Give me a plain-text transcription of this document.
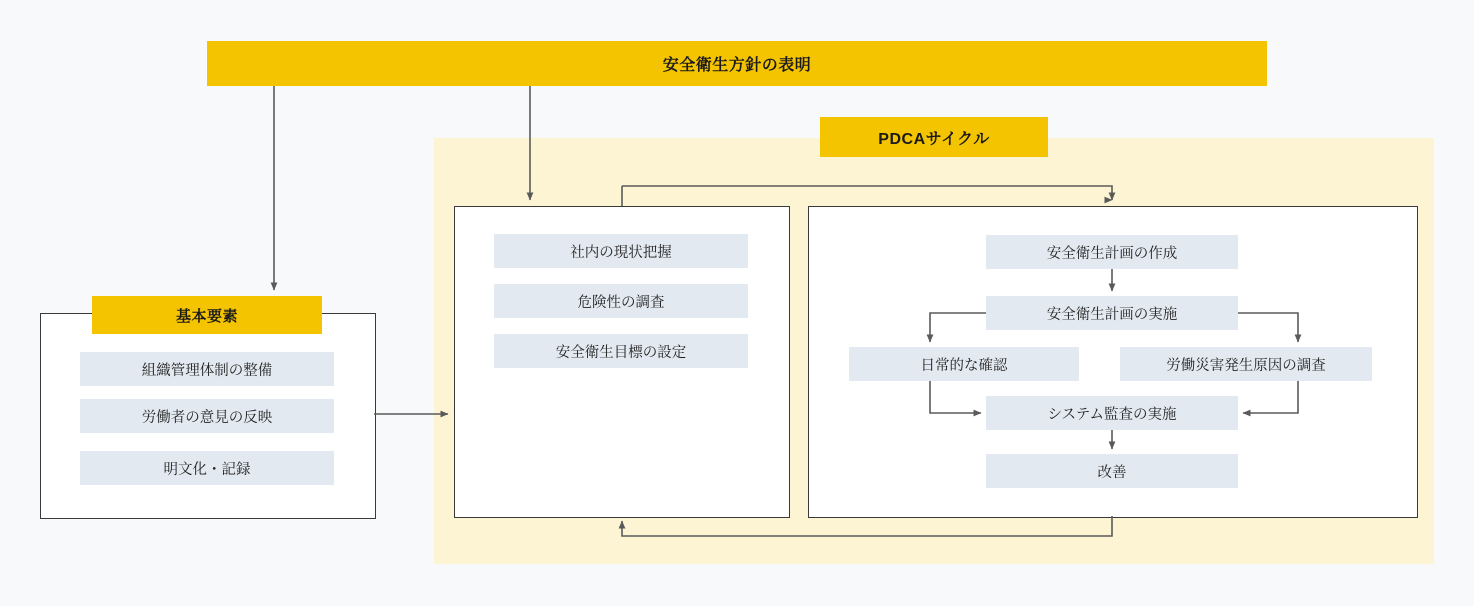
安全衛生方針の表明
PDCAサイクル
基本要素
組織管理体制の整備
労働者の意見の反映
明文化・記録
社内の現状把握
危険性の調査
安全衛生目標の設定
安全衛生計画の作成
安全衛生計画の実施
日常的な確認	労働災害発生原因の調査
システム監査の実施
改善
